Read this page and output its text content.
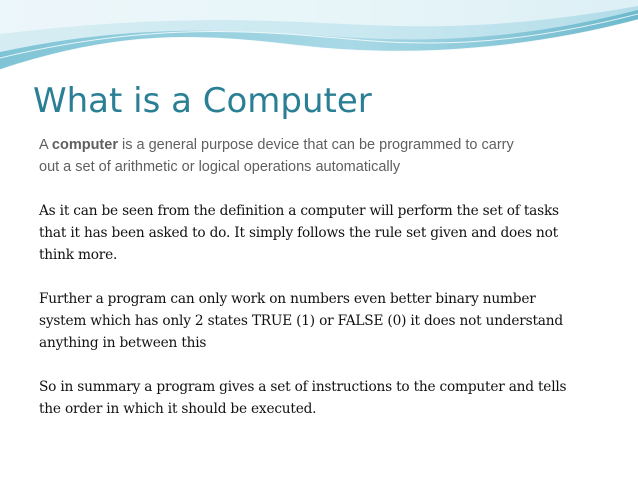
What is a Computer

A computer is a general purpose device that can be programmed to carry
out a set of arithmetic or logical operations automatically

As it can be seen from the definition a computer will perform the set of tasks
that it has been asked to do. It simply follows the rule set given and does not
think more.

Further a program can only work on numbers even better binary number
system which has only 2 states TRUE (1) or FALSE (0) it does not understand
anything in between this

So in summary a program gives a set of instructions to the computer and tells
the order in which it should be executed.
